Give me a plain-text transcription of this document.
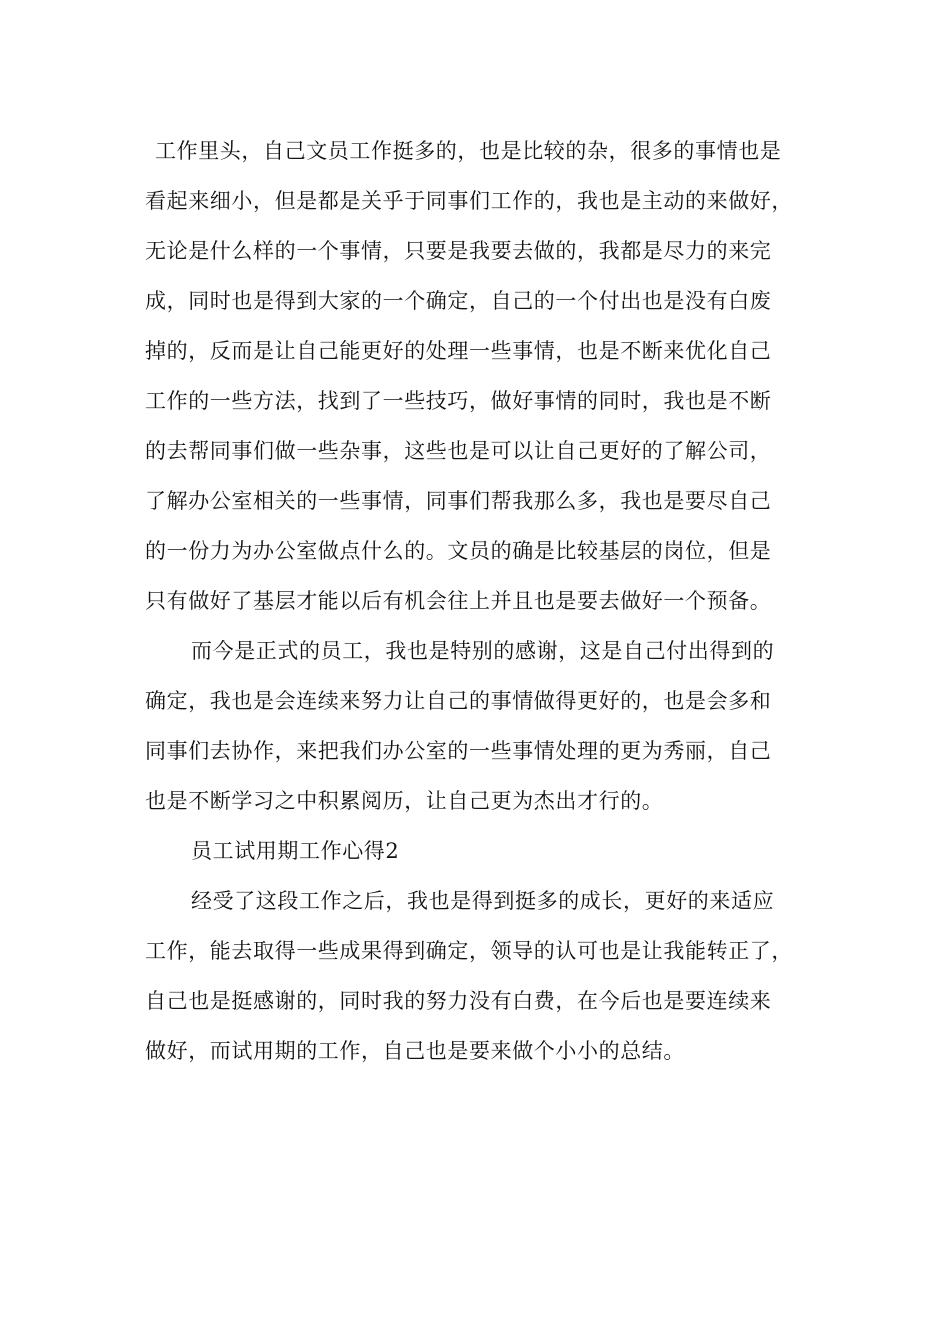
工作里头，自己文员工作挺多的，也是比较的杂，很多的事情也是
看起来细小，但是都是关乎于同事们工作的，我也是主动的来做好，
无论是什么样的一个事情，只要是我要去做的，我都是尽力的来完
成，同时也是得到大家的一个确定，自己的一个付出也是没有白废
掉的，反而是让自己能更好的处理一些事情，也是不断来优化自己
工作的一些方法，找到了一些技巧，做好事情的同时，我也是不断
的去帮同事们做一些杂事，这些也是可以让自己更好的了解公司，
了解办公室相关的一些事情，同事们帮我那么多，我也是要尽自己
的一份力为办公室做点什么的。文员的确是比较基层的岗位，但是
只有做好了基层才能以后有机会往上并且也是要去做好一个预备。
而今是正式的员工，我也是特别的感谢，这是自己付出得到的
确定，我也是会连续来努力让自己的事情做得更好的，也是会多和
同事们去协作，来把我们办公室的一些事情处理的更为秀丽，自己
也是不断学习之中积累阅历，让自己更为杰出才行的。
员工试用期工作心得2
经受了这段工作之后，我也是得到挺多的成长，更好的来适应
工作，能去取得一些成果得到确定，领导的认可也是让我能转正了，
自己也是挺感谢的，同时我的努力没有白费，在今后也是要连续来
做好，而试用期的工作，自己也是要来做个小小的总结。
